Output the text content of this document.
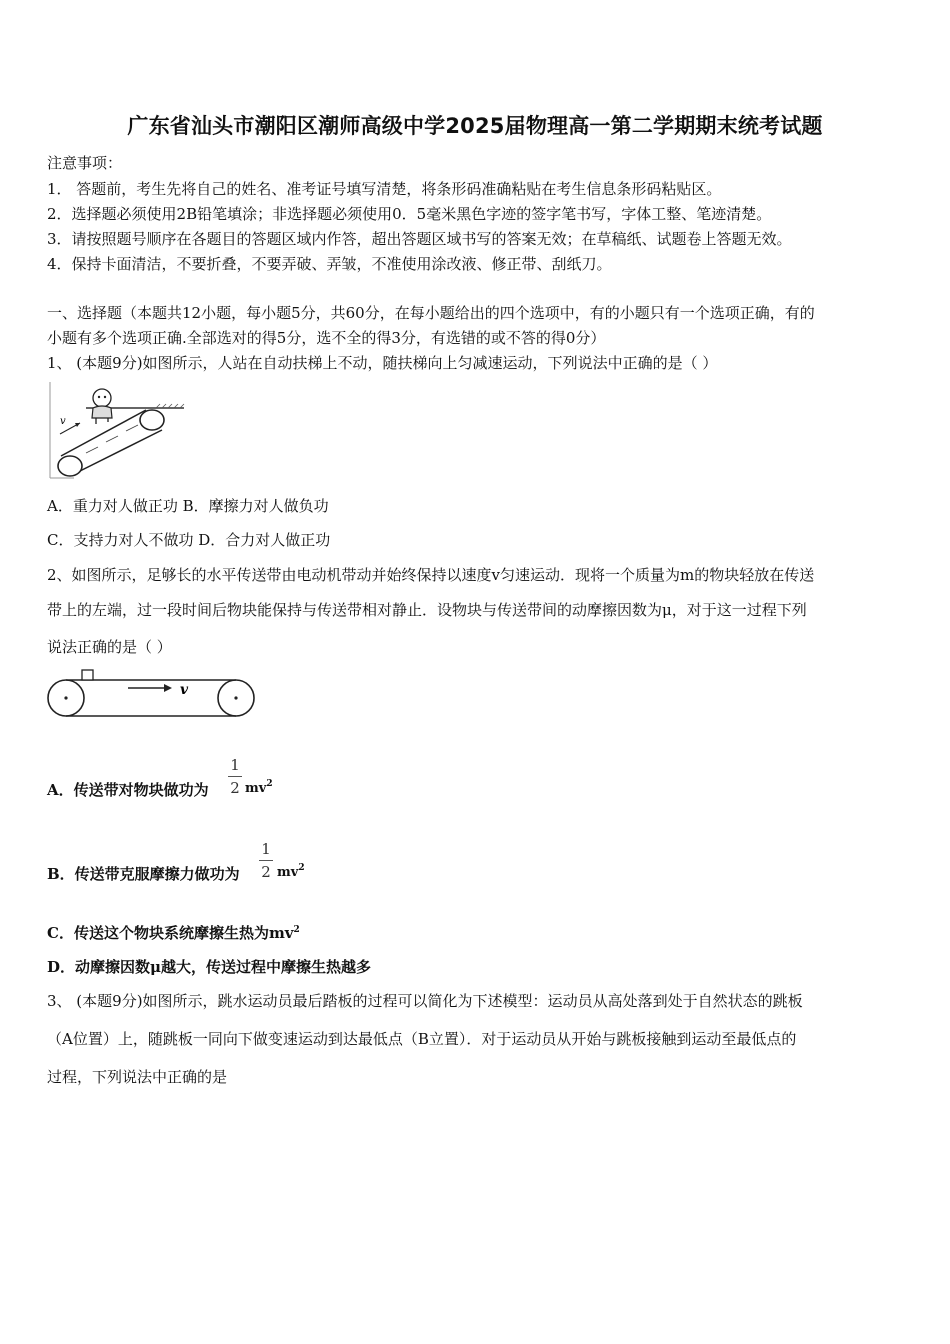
广东省汕头市潮阳区潮师高级中学2025届物理高一第二学期期末统考试题
注意事项：
1． 答题前，考生先将自己的姓名、准考证号填写清楚，将条形码准确粘贴在考生信息条形码粘贴区。
2．选择题必须使用2B铅笔填涂；非选择题必须使用0．5毫米黑色字迹的签字笔书写，字体工整、笔迹清楚。
3．请按照题号顺序在各题目的答题区域内作答，超出答题区域书写的答案无效；在草稿纸、试题卷上答题无效。
4．保持卡面清洁，不要折叠，不要弄破、弄皱，不准使用涂改液、修正带、刮纸刀。
一、选择题（本题共12小题，每小题5分，共60分，在每小题给出的四个选项中，有的小题只有一个选项正确，有的
小题有多个选项正确.全部选对的得5分，选不全的得3分，有选错的或不答的得0分）
1、 (本题9分)如图所示，人站在自动扶梯上不动，随扶梯向上匀减速运动，下列说法中正确的是（ ）
v
A．重力对人做正功 B．摩擦力对人做负功
C．支持力对人不做功 D．合力对人做正功
2、如图所示，足够长的水平传送带由电动机带动并始终保持以速度v匀速运动．现将一个质量为m的物块轻放在传送
带上的左端，过一段时间后物块能保持与传送带相对静止．设物块与传送带间的动摩擦因数为μ，对于这一过程下列
说法正确的是（ ）
v
A．传送带对物块做功为
1
2 $mv^2$
B．传送带克服摩擦力做功为
1
2 $mv^2$
C．传送这个物块系统摩擦生热为$mv^2$
D．动摩擦因数μ越大，传送过程中摩擦生热越多
3、 (本题9分)如图所示，跳水运动员最后踏板的过程可以简化为下述模型：运动员从高处落到处于自然状态的跳板
（A位置）上，随跳板一同向下做变速运动到达最低点（B立置）．对于运动员从开始与跳板接触到运动至最低点的
过程，下列说法中正确的是
